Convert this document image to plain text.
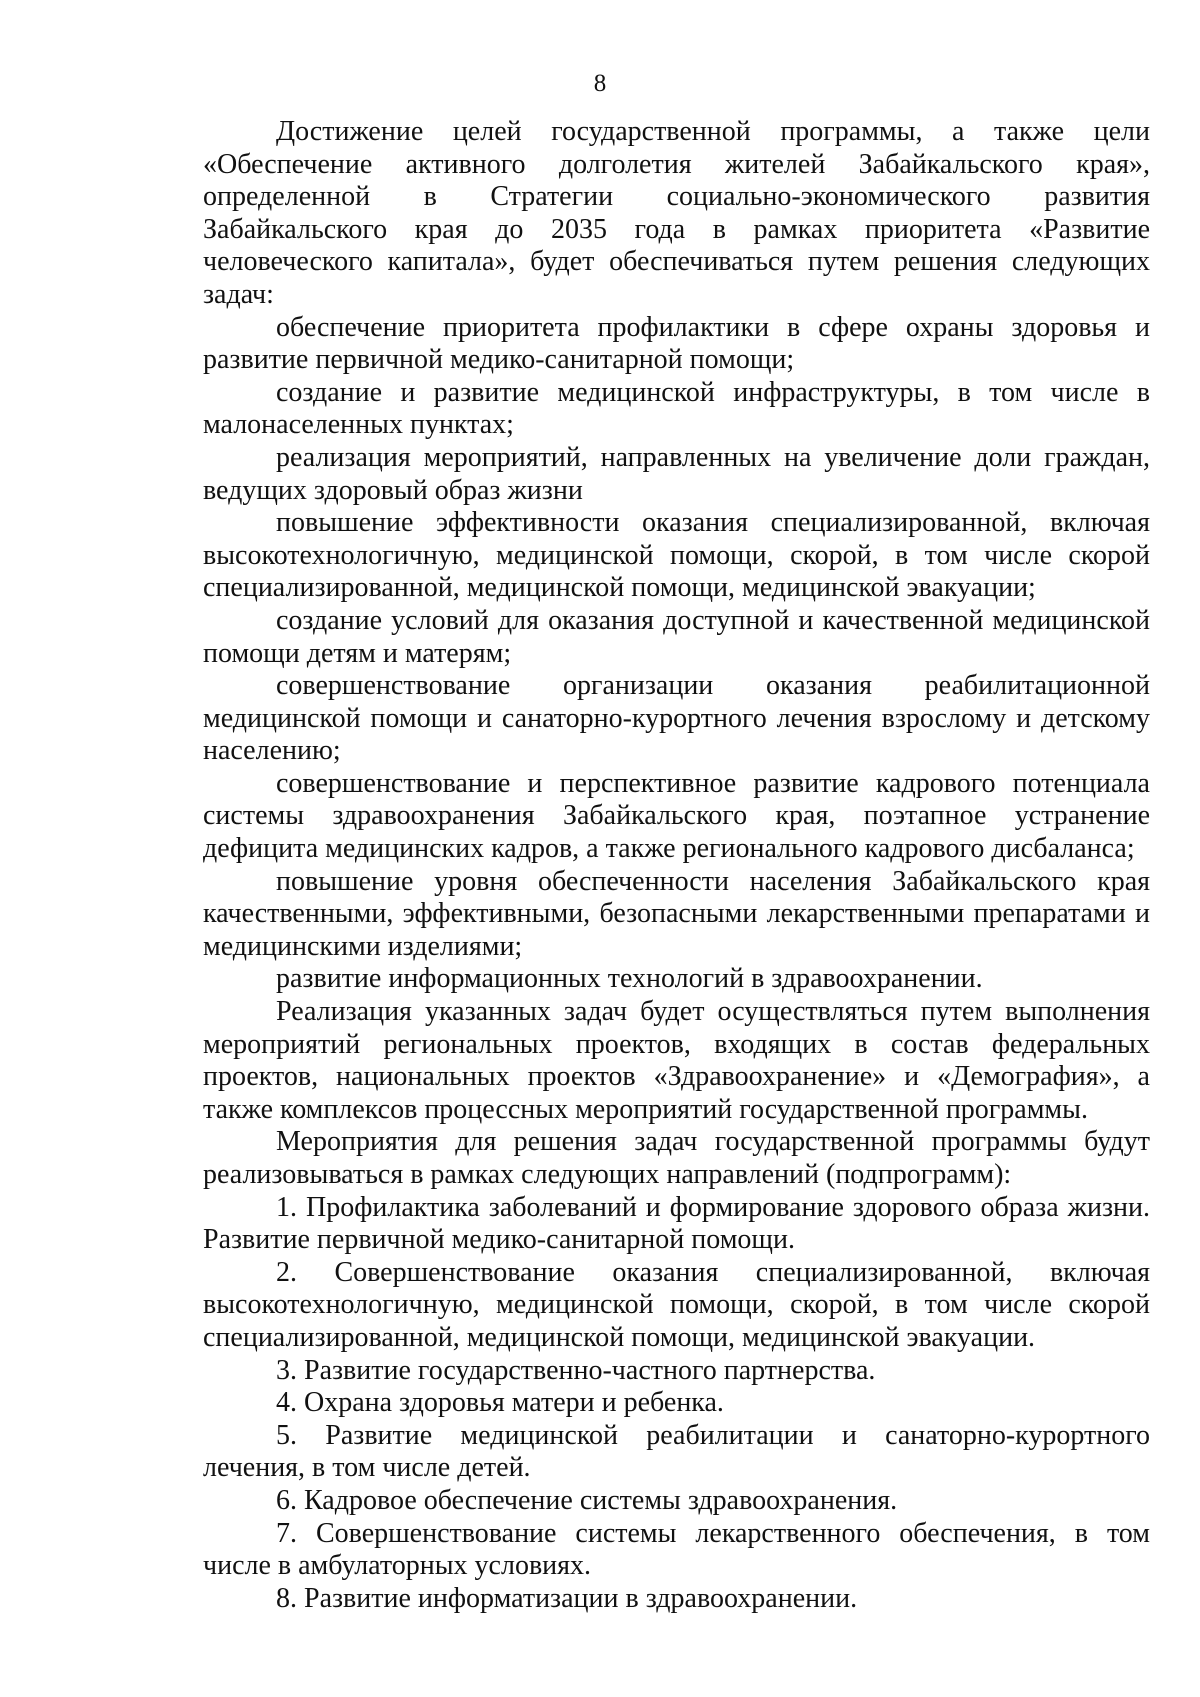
8

Достижение целей государственной программы, а также цели «Обеспечение активного долголетия жителей Забайкальского края», определенной в Стратегии социально-экономического развития Забайкальского края до 2035 года в рамках приоритета «Развитие человеческого капитала», будет обеспечиваться путем решения следующих задач:

обеспечение приоритета профилактики в сфере охраны здоровья и развитие первичной медико-санитарной помощи;

создание и развитие медицинской инфраструктуры, в том числе в малонаселенных пунктах;

реализация мероприятий, направленных на увеличение доли граждан, ведущих здоровый образ жизни

повышение эффективности оказания специализированной, включая высокотехнологичную, медицинской помощи, скорой, в том числе скорой специализированной, медицинской помощи, медицинской эвакуации;

создание условий для оказания доступной и качественной медицинской помощи детям и матерям;

совершенствование организации оказания реабилитационной медицинской помощи и санаторно-курортного лечения взрослому и детскому населению;

совершенствование и перспективное развитие кадрового потенциала системы здравоохранения Забайкальского края, поэтапное устранение дефицита медицинских кадров, а также регионального кадрового дисбаланса;

повышение уровня обеспеченности населения Забайкальского края качественными, эффективными, безопасными лекарственными препаратами и медицинскими изделиями;

развитие информационных технологий в здравоохранении.

Реализация указанных задач будет осуществляться путем выполнения мероприятий региональных проектов, входящих в состав федеральных проектов, национальных проектов «Здравоохранение» и «Демография», а также комплексов процессных мероприятий государственной программы.

Мероприятия для решения задач государственной программы будут реализовываться в рамках следующих направлений (подпрограмм):

1. Профилактика заболеваний и формирование здорового образа жизни. Развитие первичной медико-санитарной помощи.

2. Совершенствование оказания специализированной, включая высокотехнологичную, медицинской помощи, скорой, в том числе скорой специализированной, медицинской помощи, медицинской эвакуации.

3. Развитие государственно-частного партнерства.

4. Охрана здоровья матери и ребенка.

5. Развитие медицинской реабилитации и санаторно-курортного лечения, в том числе детей.

6. Кадровое обеспечение системы здравоохранения.

7. Совершенствование системы лекарственного обеспечения, в том числе в амбулаторных условиях.

8. Развитие информатизации в здравоохранении.
